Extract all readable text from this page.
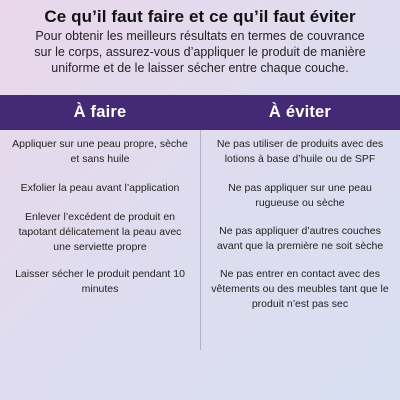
Ce qu’il faut faire et ce qu’il faut éviter

Pour obtenir les meilleurs résultats en termes de couvrance sur le corps, assurez-vous d’appliquer le produit de manière uniforme et de le laisser sécher entre chaque couche.

À faire	À éviter
Appliquer sur une peau propre, sèche et sans huile
Exfolier la peau avant l’application
Enlever l’excédent de produit en tapotant délicatement la peau avec une serviette propre
Laisser sécher le produit pendant 10 minutes
Ne pas utiliser de produits avec des lotions à base d’huile ou de SPF
Ne pas appliquer sur une peau rugueuse ou sèche
Ne pas appliquer d’autres couches avant que la première ne soit sèche
Ne pas entrer en contact avec des vêtements ou des meubles tant que le produit n’est pas sec
